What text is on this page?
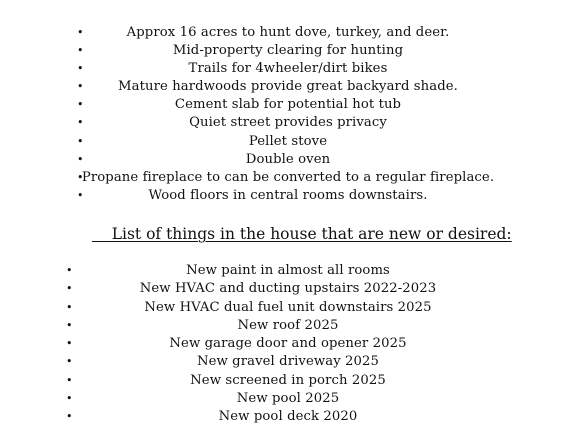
•	Approx 16 acres to hunt dove, turkey, and deer.
•	Mid-property clearing for hunting
•	Trails for 4wheeler/dirt bikes
•	Mature hardwoods provide great backyard shade.
•	Cement slab for potential hot tub
•	Quiet street provides privacy
•	Pellet stove
•	Double oven
•
Propane fireplace to can be converted to a regular fireplace.
•	Wood floors in central rooms downstairs.
List of things in the house that are new or desired:
•	New paint in almost all rooms
•	New HVAC and ducting upstairs 2022-2023
•	New HVAC dual fuel unit downstairs 2025
•	New roof 2025
•	New garage door and opener 2025
•	New gravel driveway 2025
•	New screened in porch 2025
•	New pool 2025
•	New pool deck 2020
